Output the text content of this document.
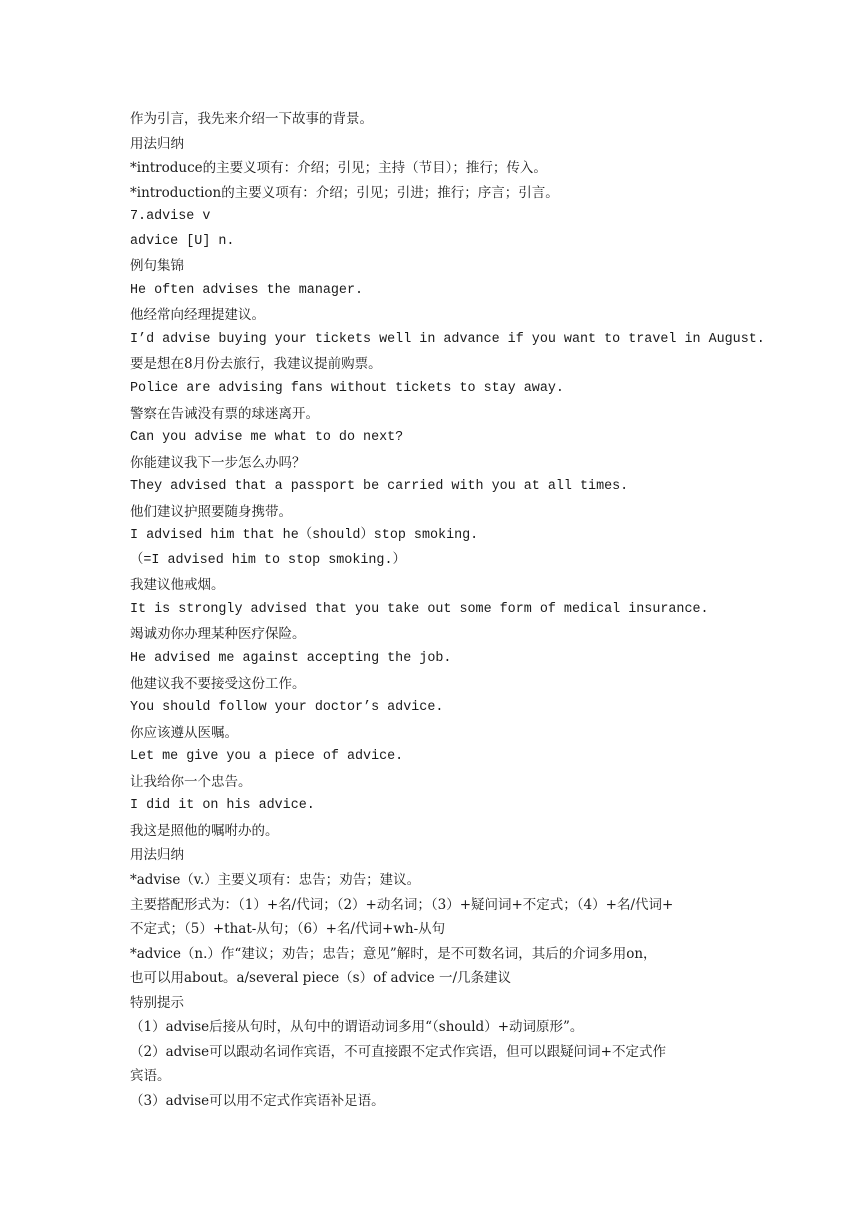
作为引言，我先来介绍一下故事的背景。
用法归纳
*introduce的主要义项有：介绍；引见；主持（节目）；推行；传入。
*introduction的主要义项有：介绍；引见；引进；推行；序言；引言。
7.advise v
advice [U] n.
例句集锦
He often advises the manager.
他经常向经理提建议。
I’d advise buying your tickets well in advance if you want to travel in August.
要是想在8月份去旅行，我建议提前购票。
Police are advising fans without tickets to stay away.
警察在告诫没有票的球迷离开。
Can you advise me what to do next?
你能建议我下一步怎么办吗？
They advised that a passport be carried with you at all times.
他们建议护照要随身携带。
I advised him that he（should）stop smoking.
（=I advised him to stop smoking.）
我建议他戒烟。
It is strongly advised that you take out some form of medical insurance.
竭诚劝你办理某种医疗保险。
He advised me against accepting the job.
他建议我不要接受这份工作。
You should follow your doctor’s advice.
你应该遵从医嘱。
Let me give you a piece of advice.
让我给你一个忠告。
I did it on his advice.
我这是照他的嘱咐办的。
用法归纳
*advise（v.）主要义项有：忠告；劝告；建议。
主要搭配形式为：（1）+名/代词；（2）+动名词；（3）+疑问词+不定式；（4）+名/代词+
不定式；（5）+that-从句；（6）+名/代词+wh-从句
*advice（n.）作“建议；劝告；忠告；意见”解时，是不可数名词，其后的介词多用on，
也可以用about。a/several piece（s）of advice 一/几条建议
特别提示
（1）advise后接从句时，从句中的谓语动词多用“（should）+动词原形”。
（2）advise可以跟动名词作宾语，不可直接跟不定式作宾语，但可以跟疑问词+不定式作
宾语。
（3）advise可以用不定式作宾语补足语。
